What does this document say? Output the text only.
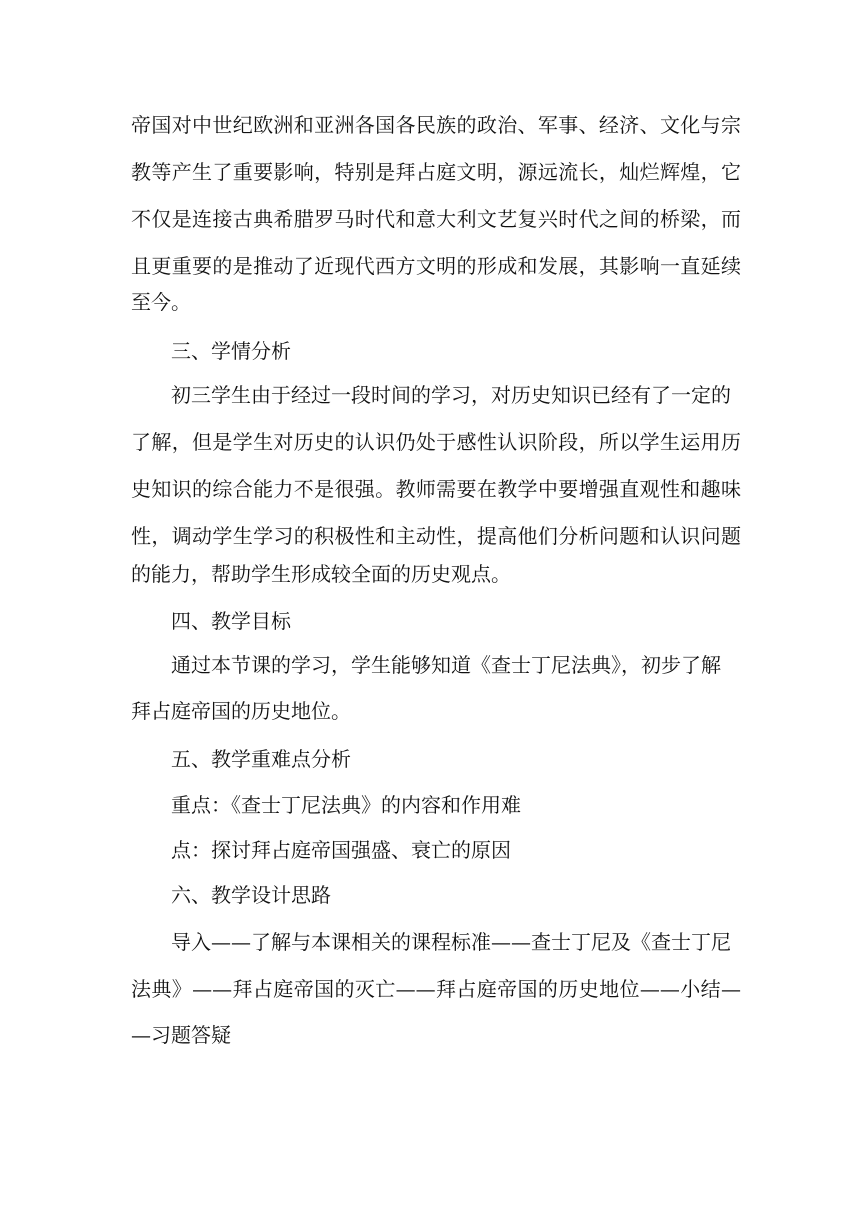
帝国对中世纪欧洲和亚洲各国各民族的政治、军事、经济、文化与宗
教等产生了重要影响，特别是拜占庭文明，源远流长，灿烂辉煌，它
不仅是连接古典希腊罗马时代和意大利文艺复兴时代之间的桥梁，而
且更重要的是推动了近现代西方文明的形成和发展，其影响一直延续
至今。
三、学情分析
初三学生由于经过一段时间的学习，对历史知识已经有了一定的
了解，但是学生对历史的认识仍处于感性认识阶段，所以学生运用历
史知识的综合能力不是很强。教师需要在教学中要增强直观性和趣味
性，调动学生学习的积极性和主动性，提高他们分析问题和认识问题
的能力，帮助学生形成较全面的历史观点。
四、教学目标
通过本节课的学习，学生能够知道《查士丁尼法典》，初步了解
拜占庭帝国的历史地位。
五、教学重难点分析
重点：《查士丁尼法典》的内容和作用难
点：探讨拜占庭帝国强盛、衰亡的原因
六、教学设计思路
导入——了解与本课相关的课程标准——查士丁尼及《查士丁尼
法典》——拜占庭帝国的灭亡——拜占庭帝国的历史地位——小结—
—习题答疑
